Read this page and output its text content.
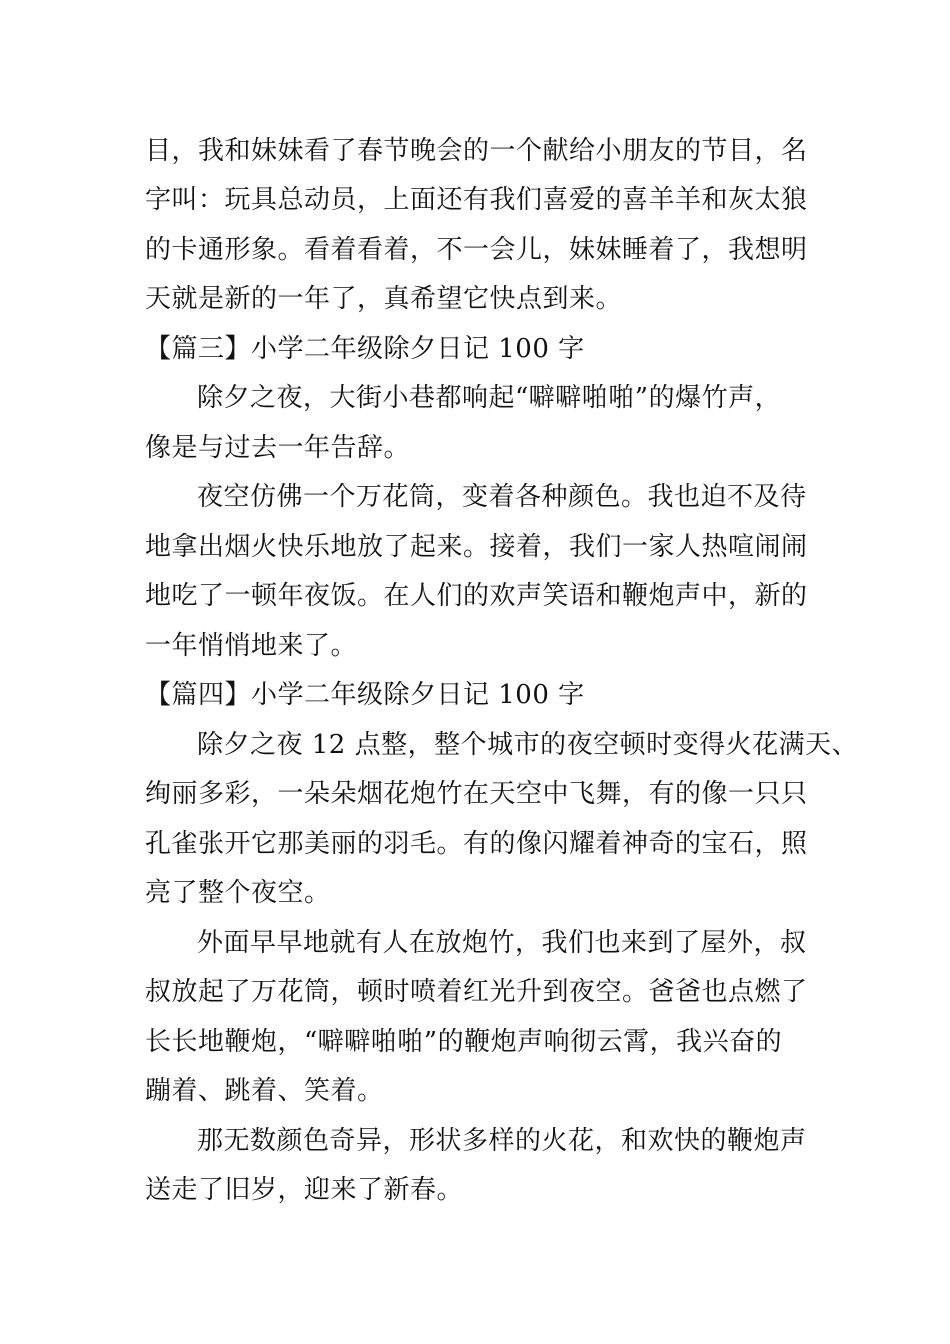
目，我和妹妹看了春节晚会的一个献给小朋友的节目，名
字叫：玩具总动员，上面还有我们喜爱的喜羊羊和灰太狼
的卡通形象。看着看着，不一会儿，妹妹睡着了，我想明
天就是新的一年了，真希望它快点到来。
【篇三】小学二年级除夕日记 100 字
除夕之夜，大街小巷都响起“噼噼啪啪”的爆竹声，
像是与过去一年告辞。
夜空仿佛一个万花筒，变着各种颜色。我也迫不及待
地拿出烟火快乐地放了起来。接着，我们一家人热喧闹闹
地吃了一顿年夜饭。在人们的欢声笑语和鞭炮声中，新的
一年悄悄地来了。
【篇四】小学二年级除夕日记 100 字
除夕之夜 12 点整，整个城市的夜空顿时变得火花满天、
绚丽多彩，一朵朵烟花炮竹在天空中飞舞，有的像一只只
孔雀张开它那美丽的羽毛。有的像闪耀着神奇的宝石，照
亮了整个夜空。
外面早早地就有人在放炮竹，我们也来到了屋外，叔
叔放起了万花筒，顿时喷着红光升到夜空。爸爸也点燃了
长长地鞭炮，“噼噼啪啪”的鞭炮声响彻云霄，我兴奋的
蹦着、跳着、笑着。
那无数颜色奇异，形状多样的火花，和欢快的鞭炮声
送走了旧岁，迎来了新春。
